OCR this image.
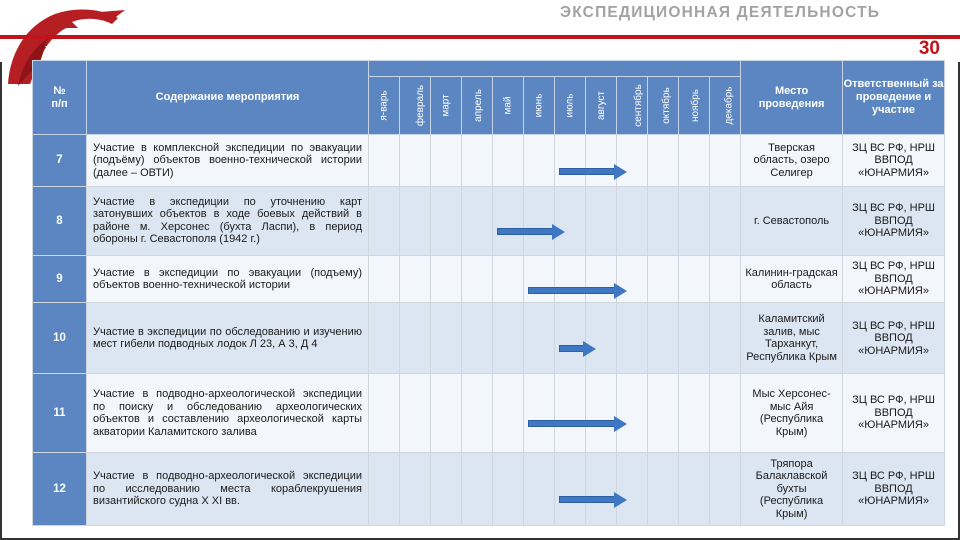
ЭКСПЕДИЦИОННАЯ ДЕЯТЕЛЬНОСТЬ
30
№
п/п	Содержание мероприятия													Место проведения	Ответственный за проведение и участие
		я-варь	февраль	март	апрель	май	июнь	июль	август	сентябрь	октябрь	ноябрь	декабрь		
7	Участие в комплексной экспедиции по эвакуации (подъёму) объектов военно-технической истории (далее – ОВТИ)													Тверская область, озеро Селигер	ЗЦ ВС РФ, НРШ ВВПОД «ЮНАРМИЯ»
8	Участие в экспедиции по уточнению карт затонувших объектов в ходе боевых действий в районе м. Херсонес (бухта Ласпи), в период обороны г. Севастополя (1942 г.)													г. Севастополь	ЗЦ ВС РФ, НРШ ВВПОД «ЮНАРМИЯ»
9	Участие в экспедиции по эвакуации (подъему) объектов военно-технической истории													Калинин-градская область	ЗЦ ВС РФ, НРШ ВВПОД «ЮНАРМИЯ»
10	Участие в экспедиции по обследованию и изучению мест гибели подводных лодок Л 23, А 3, Д 4													Каламитский залив, мыс Тарханкут, Республика Крым	ЗЦ ВС РФ, НРШ ВВПОД «ЮНАРМИЯ»
11	Участие в подводно-археологической экспедиции по поиску и обследованию археологических объектов и составлению археологической карты акватории Каламитского залива													Мыс Херсонес-мыс Айя (Республика Крым)	ЗЦ ВС РФ, НРШ ВВПОД «ЮНАРМИЯ»
12	Участие в подводно-археологической экспедиции по исследованию места кораблекрушения византийского судна X XI вв.													Тряпора Балаклавской бухты (Республика Крым)	ЗЦ ВС РФ, НРШ ВВПОД «ЮНАРМИЯ»
